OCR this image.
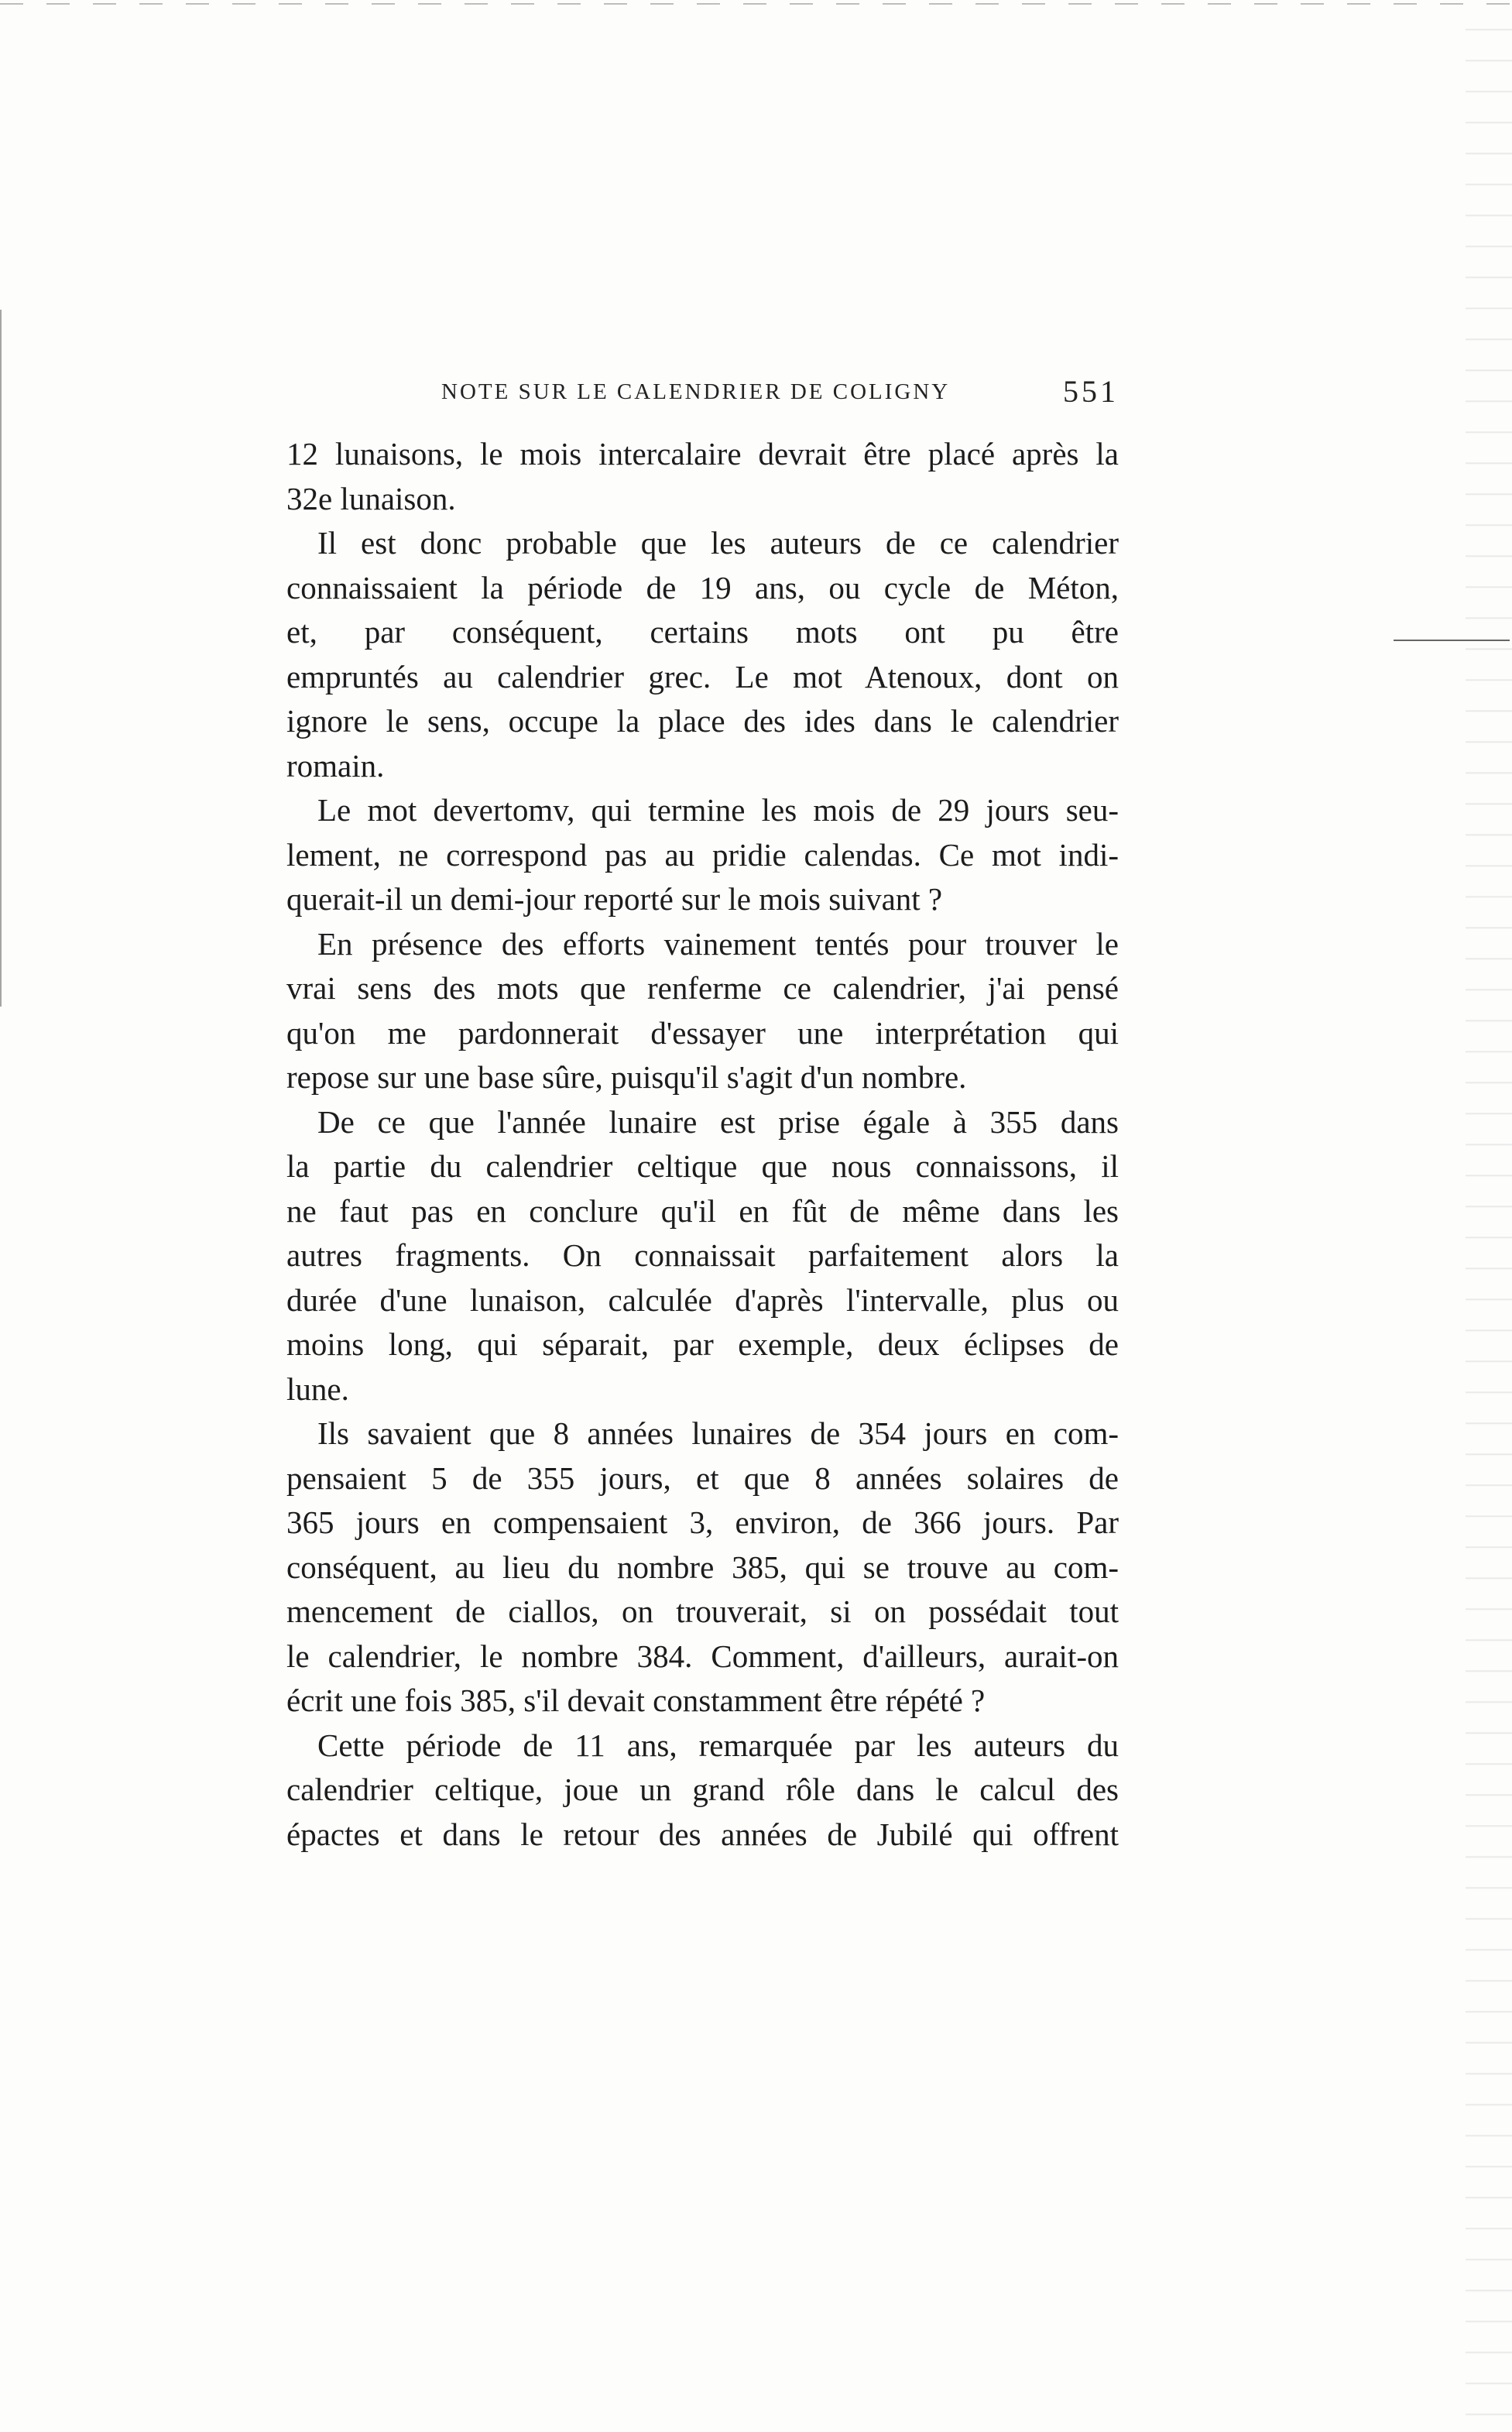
NOTE SUR LE CALENDRIER DE COLIGNY	551

12 lunaisons, le mois intercalaire devrait être placé après la
32e lunaison.

Il est donc probable que les auteurs de ce calendrier
connaissaient la période de 19 ans, ou cycle de Méton,
et, par conséquent, certains mots ont pu être
empruntés au calendrier grec. Le mot Atenoux, dont on
ignore le sens, occupe la place des ides dans le calendrier
romain.

Le mot devertomv, qui termine les mois de 29 jours seu-
lement, ne correspond pas au pridie calendas. Ce mot indi-
querait-il un demi-jour reporté sur le mois suivant ?

En présence des efforts vainement tentés pour trouver le
vrai sens des mots que renferme ce calendrier, j'ai pensé
qu'on me pardonnerait d'essayer une interprétation qui
repose sur une base sûre, puisqu'il s'agit d'un nombre.

De ce que l'année lunaire est prise égale à 355 dans
la partie du calendrier celtique que nous connaissons, il
ne faut pas en conclure qu'il en fût de même dans les
autres fragments. On connaissait parfaitement alors la
durée d'une lunaison, calculée d'après l'intervalle, plus ou
moins long, qui séparait, par exemple, deux éclipses de
lune.

Ils savaient que 8 années lunaires de 354 jours en com-
pensaient 5 de 355 jours, et que 8 années solaires de
365 jours en compensaient 3, environ, de 366 jours. Par
conséquent, au lieu du nombre 385, qui se trouve au com-
mencement de ciallos, on trouverait, si on possédait tout
le calendrier, le nombre 384. Comment, d'ailleurs, aurait-on
écrit une fois 385, s'il devait constamment être répété ?

Cette période de 11 ans, remarquée par les auteurs du
calendrier celtique, joue un grand rôle dans le calcul des
épactes et dans le retour des années de Jubilé qui offrent
